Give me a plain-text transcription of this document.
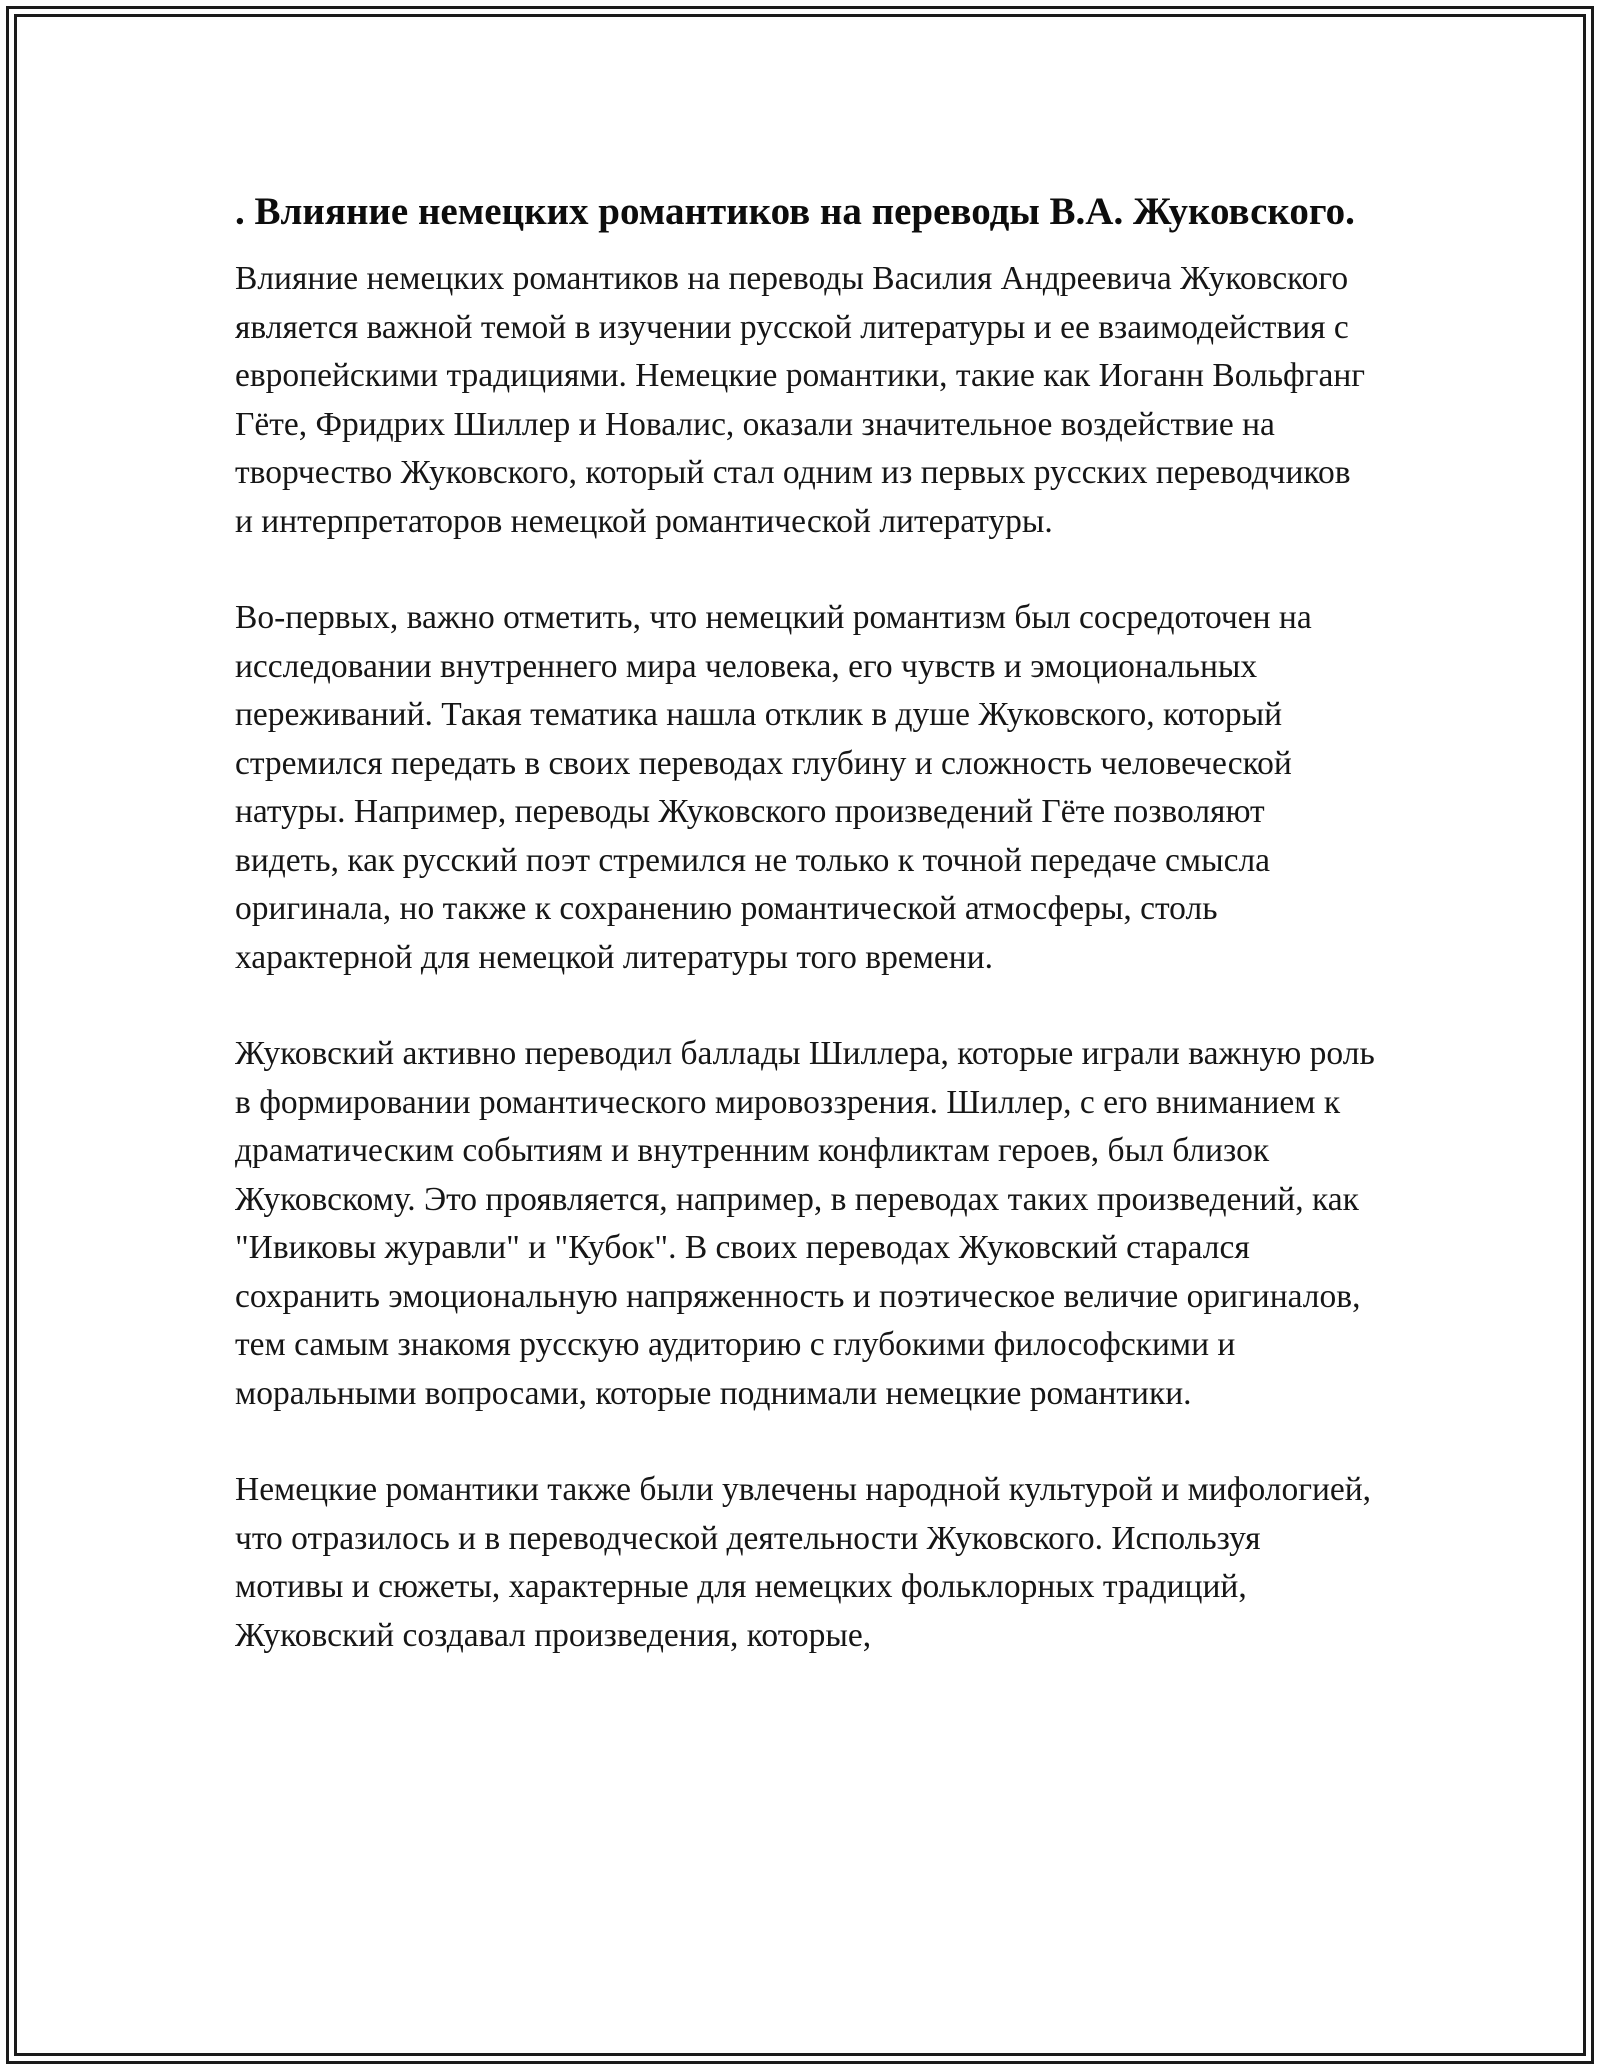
. Влияние немецких романтиков на переводы В.А. Жуковского.

Влияние немецких романтиков на переводы Василия Андреевича Жуковского является важной темой в изучении русской литературы и ее взаимодействия с европейскими традициями. Немецкие романтики, такие как Иоганн Вольфганг Гёте, Фридрих Шиллер и Новалис, оказали значительное воздействие на творчество Жуковского, который стал одним из первых русских переводчиков и интерпретаторов немецкой романтической литературы.

Во-первых, важно отметить, что немецкий романтизм был сосредоточен на исследовании внутреннего мира человека, его чувств и эмоциональных переживаний. Такая тематика нашла отклик в душе Жуковского, который стремился передать в своих переводах глубину и сложность человеческой натуры. Например, переводы Жуковского произведений Гёте позволяют видеть, как русский поэт стремился не только к точной передаче смысла оригинала, но также к сохранению романтической атмосферы, столь характерной для немецкой литературы того времени.

Жуковский активно переводил баллады Шиллера, которые играли важную роль в формировании романтического мировоззрения. Шиллер, с его вниманием к драматическим событиям и внутренним конфликтам героев, был близок Жуковскому. Это проявляется, например, в переводах таких произведений, как "Ивиковы журавли" и "Кубок". В своих переводах Жуковский старался сохранить эмоциональную напряженность и поэтическое величие оригиналов, тем самым знакомя русскую аудиторию с глубокими философскими и моральными вопросами, которые поднимали немецкие романтики.

Немецкие романтики также были увлечены народной культурой и мифологией, что отразилось и в переводческой деятельности Жуковского. Используя мотивы и сюжеты, характерные для немецких фольклорных традиций, Жуковский создавал произведения, которые,
